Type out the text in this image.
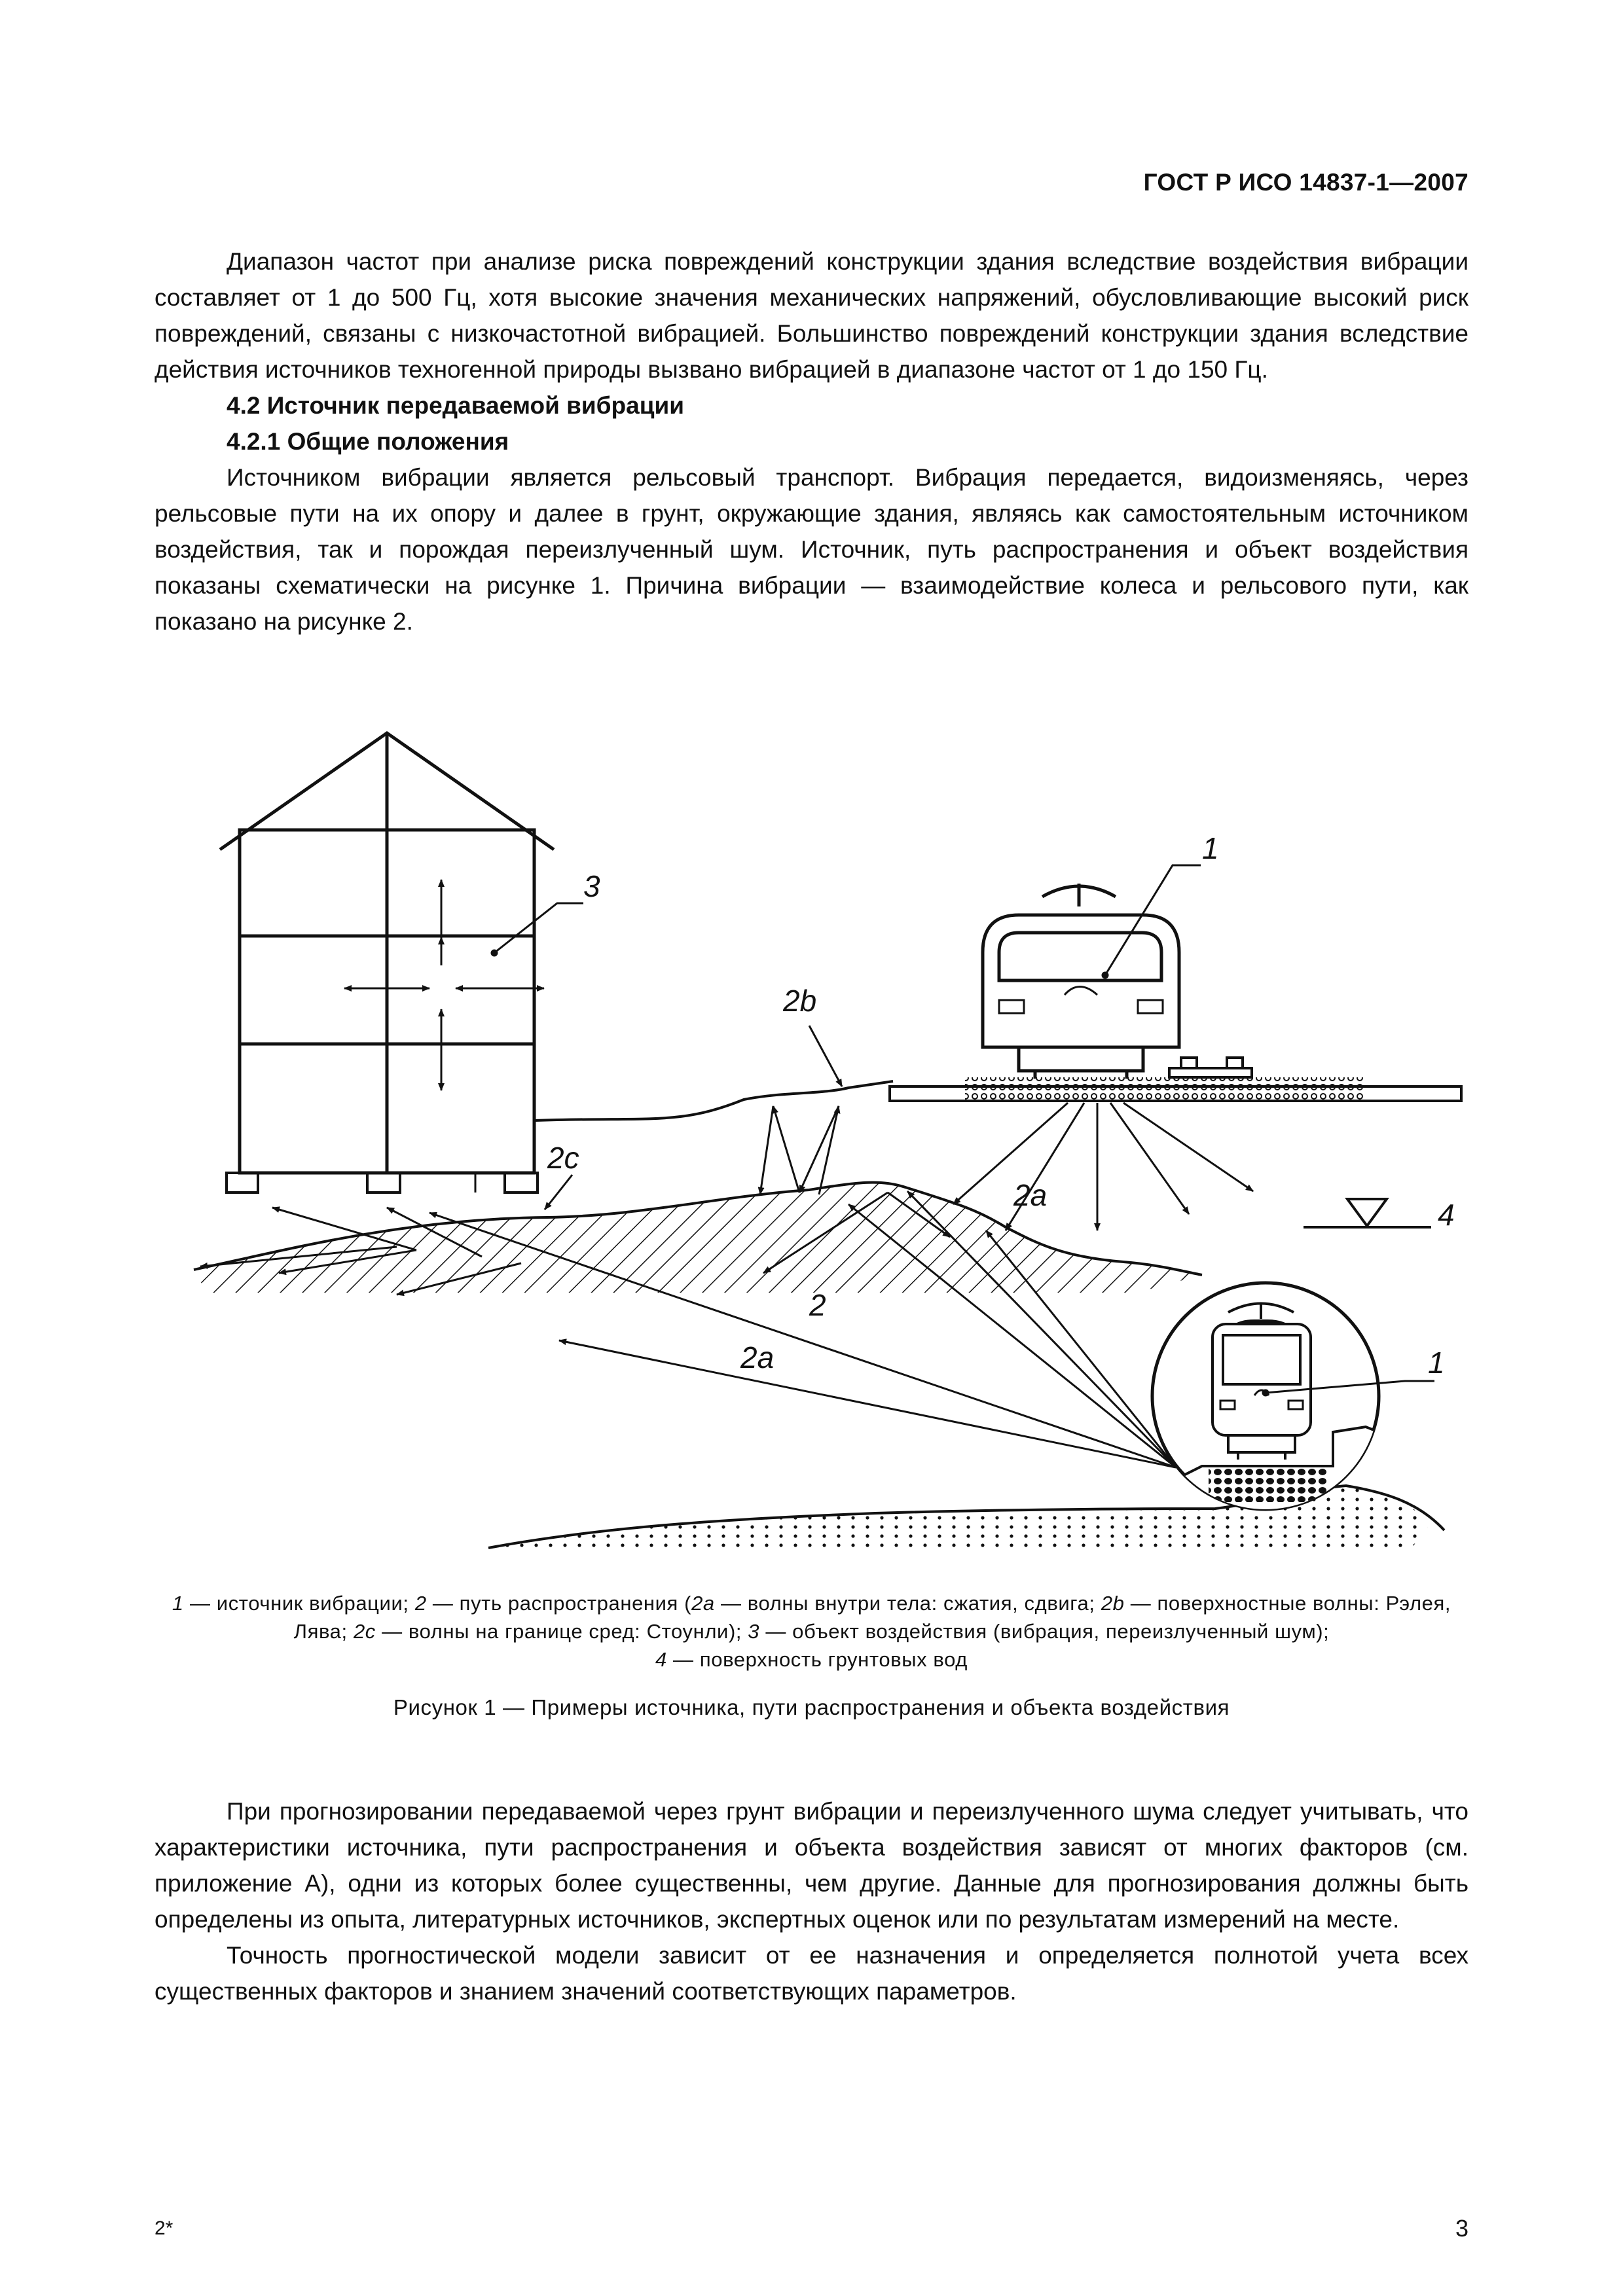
ГОСТ Р ИСО 14837-1—2007

Диапазон частот при анализе риска повреждений конструкции здания вследствие воздействия вибрации составляет от 1 до 500 Гц, хотя высокие значения механических напряжений, обусловливающие высокий риск повреждений, связаны с низкочастотной вибрацией. Большинство повреждений конструкции здания вследствие действия источников техногенной природы вызвано вибрацией в диапазоне частот от 1 до 150 Гц.

4.2 Источник передаваемой вибрации
4.2.1 Общие положения

Источником вибрации является рельсовый транспорт. Вибрация передается, видоизменяясь, через рельсовые пути на их опору и далее в грунт, окружающие здания, являясь как самостоятельным источником воздействия, так и порождая переизлученный шум. Источник, путь распространения и объект воздействия показаны схематически на рисунке 1. Причина вибрации — взаимодействие колеса и рельсового пути, как показано на рисунке 2.

3
2b
1
2a
4
2c
2
2a	1
1 — источник вибрации; 2 — путь распространения (2a — волны внутри тела: сжатия, сдвига; 2b — поверхностные волны: Рэлея, Лява; 2c — волны на границе сред: Стоунли); 3 — объект воздействия (вибрация, переизлученный шум);
4 — поверхность грунтовых вод
Рисунок 1 — Примеры источника, пути распространения и объекта воздействия

При прогнозировании передаваемой через грунт вибрации и переизлученного шума следует учитывать, что характеристики источника, пути распространения и объекта воздействия зависят от многих факторов (см. приложение А), одни из которых более существенны, чем другие. Данные для прогнозирования должны быть определены из опыта, литературных источников, экспертных оценок или по результатам измерений на месте.

Точность прогностической модели зависит от ее назначения и определяется полнотой учета всех существенных факторов и знанием значений соответствующих параметров.

2*	3
